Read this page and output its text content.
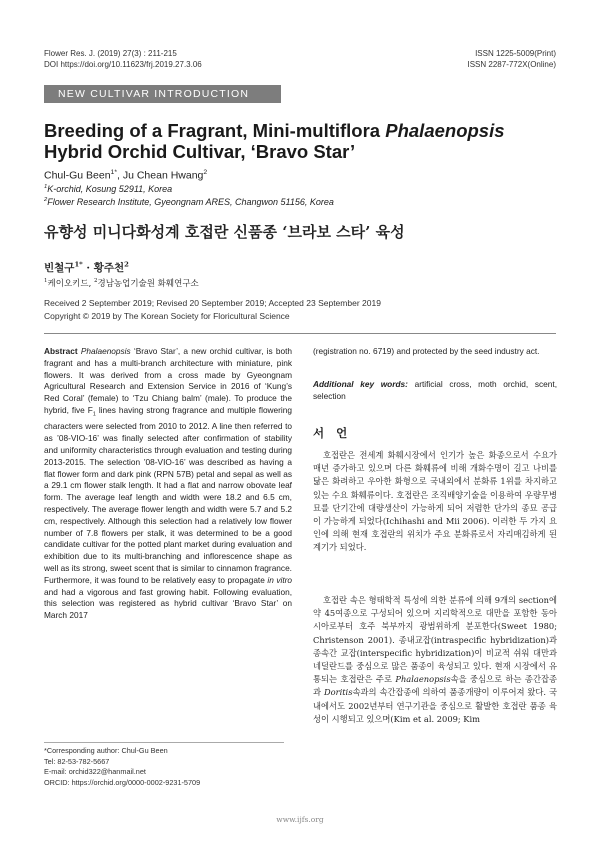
Flower Res. J. (2019) 27(3) : 211-215
DOI https://doi.org/10.11623/frj.2019.27.3.06
ISSN 1225-5009(Print)
ISSN 2287-772X(Online)
NEW CULTIVAR INTRODUCTION
Breeding of a Fragrant, Mini-multiflora Phalaenopsis Hybrid Orchid Cultivar, ‘Bravo Star’
Chul-Gu Been$^{1*}$, Ju Chean Hwang$^2$
$^1$K-orchid, Kosung 52911, Korea
$^2$Flower Research Institute, Gyeongnam ARES, Changwon 51156, Korea
유향성 미니다화성계 호접란 신품종 ‘브라보 스타’ 육성
빈철구$^{1*}$ · 황주천$^2$
$^1$케이오키드, $^2$경남농업기술원 화훼연구소
Received 2 September 2019; Revised 20 September 2019; Accepted 23 September 2019
Copyright © 2019 by The Korean Society for Floricultural Science
Abstract Phalaenopsis ‘Bravo Star’, a new orchid cultivar, is both fragrant and has a multi-branch architecture with miniature, pink flowers. It was derived from a cross made by Gyeongnam Agricultural Research and Extension Service in 2016 of ‘Kung’s Red Coral’ (female) to ‘Tzu Chiang balm’ (male). To produce the hybrid, five $F_1$ lines having strong fragrance and multiple flowering characters were selected from 2010 to 2012. A line then referred to as ’08-VIO-16’ was finally selected after confirmation of stability and uniformity characteristics through evaluation and testing during 2013-2015. The selection ’08-VIO-16’ was described as having a flat flower form and dark pink (RPN 57B) petal and sepal as well as a 29.1 cm flower stalk length. It had a flat and narrow obovate leaf form. The average leaf length and width were 18.2 and 6.5 cm, respectively. The average flower length and width were 5.7 and 5.2 cm, respectively. Although this selection had a relatively low flower number of 7.8 flowers per stalk, it was determined to be a good candidate cultivar for the potted plant market during evaluation and exhibition due to its multi-branching and inflorescence shape as well as its strong, sweet scent that is similar to cinnamon fragrance. Furthermore, it was found to be relatively easy to propagate in vitro and had a vigorous and fast growing habit. Following evaluation, this selection was registered as hybrid cultivar ‘Bravo Star’ on March 2017
(registration no. 6719) and protected by the seed industry act.
Additional key words: artificial cross, moth orchid, scent, selection
서 언
호접란은 전세계 화훼시장에서 인기가 높은 화종으로서 수요가 매년 증가하고 있으며 다른 화훼류에 비해 개화수명이 길고 나비를 닮은 화려하고 우아한 화형으로 국내외에서 분화류 1위를 차지하고 있는 수요 화훼류이다. 호접란은 조직배양기술을 이용하여 우량무병묘를 단기간에 대량생산이 가능하게 되어 저렴한 단가의 종묘 공급이 가능하게 되었다(Ichihashi and Mii 2006). 이러한 두 가지 요인에 의해 현재 호접란의 위치가 주요 분화류로서 자리매김하게 된 계기가 되었다.
호접란 속은 형태학적 특성에 의한 분류에 의해 9개의 section에 약 45여종으로 구성되어 있으며 지리학적으로 대만을 포함한 동아시아로부터 호주 북부까지 광범위하게 분포한다(Sweet 1980; Christenson 2001). 종내교잡(intraspecific hybridization)과 종속간 교잡(interspecific hybridization)이 비교적 쉬워 대만과 네덜란드를 중심으로 많은 품종이 육성되고 있다. 현재 시장에서 유통되는 호접란은 주로 Phalaenopsis속을 중심으로 하는 종간잡종과 Doritis속과의 속간잡종에 의하여 품종개량이 이루어져 왔다. 국내에서도 2002년부터 연구기관을 중심으로 활발한 호접란 품종 육성이 시행되고 있으며(Kim et al. 2009; Kim
*Corresponding author: Chul-Gu Been
Tel: 82-53-782-5667
E-mail: orchid322@hanmail.net
ORCID: https://orchid.org/0000-0002-9231-5709
www.ijfs.org
